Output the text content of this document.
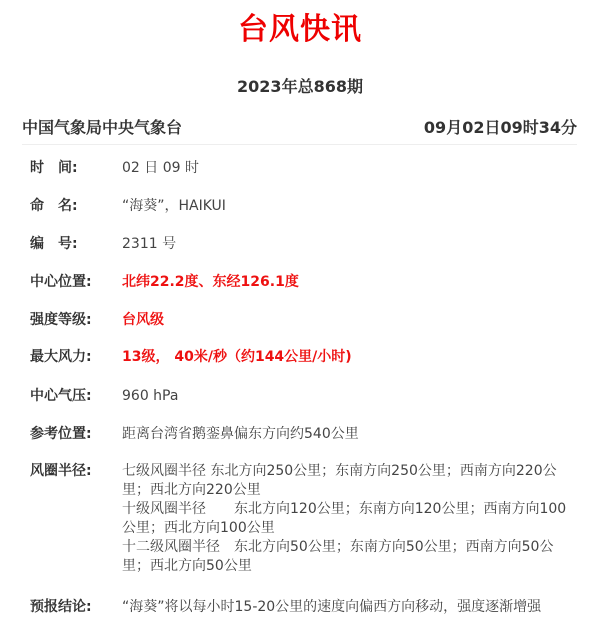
台风快讯
2023年总868期
中国气象局中央气象台	09月02日09时34分
时　间:	02 日 09 时
命　名:	“海葵”，HAIKUI
编　号:	2311 号
中心位置:	北纬22.2度、东经126.1度
强度等级:	台风级
最大风力:	13级， 40米/秒（约144公里/小时)
中心气压:	960 hPa
参考位置:	距离台湾省鹅銮鼻偏东方向约540公里
风圈半径:	七级风圈半径 东北方向250公里；东南方向250公里；西南方向220公里；西北方向220公里
十级风圈半径　　东北方向120公里；东南方向120公里；西南方向100公里；西北方向100公里
十二级风圈半径　东北方向50公里；东南方向50公里；西南方向50公里；西北方向50公里
预报结论:	“海葵”将以每小时15-20公里的速度向偏西方向移动，强度逐渐增强
